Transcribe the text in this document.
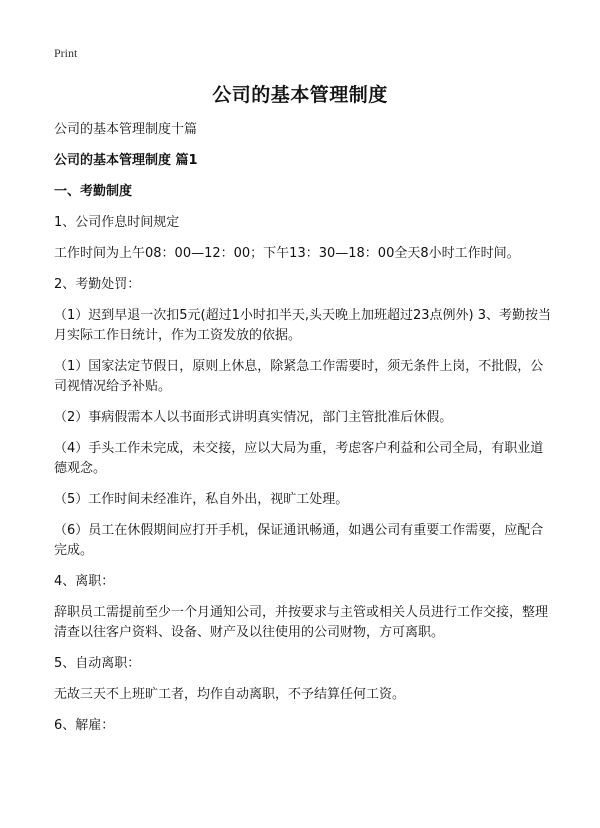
Print
公司的基本管理制度
公司的基本管理制度十篇
公司的基本管理制度 篇1
一、考勤制度
1、公司作息时间规定
工作时间为上午08：00—12：00；下午13：30—18：00全天8小时工作时间。
2、考勤处罚：
（1）迟到早退一次扣5元(超过1小时扣半天,头天晚上加班超过23点例外) 3、考勤按当月实际工作日统计，作为工资发放的依据。
（1）国家法定节假日，原则上休息，除紧急工作需要时，须无条件上岗，不批假，公司视情况给予补贴。
（2）事病假需本人以书面形式讲明真实情况，部门主管批准后休假。
（4）手头工作未完成，未交接，应以大局为重，考虑客户利益和公司全局，有职业道德观念。
（5）工作时间未经准许，私自外出，视旷工处理。
（6）员工在休假期间应打开手机，保证通讯畅通，如遇公司有重要工作需要，应配合完成。
4、离职：
辞职员工需提前至少一个月通知公司，并按要求与主管或相关人员进行工作交接，整理清查以往客户资料、设备、财产及以往使用的公司财物，方可离职。
5、自动离职：
无故三天不上班旷工者，均作自动离职，不予结算任何工资。
6、解雇：
